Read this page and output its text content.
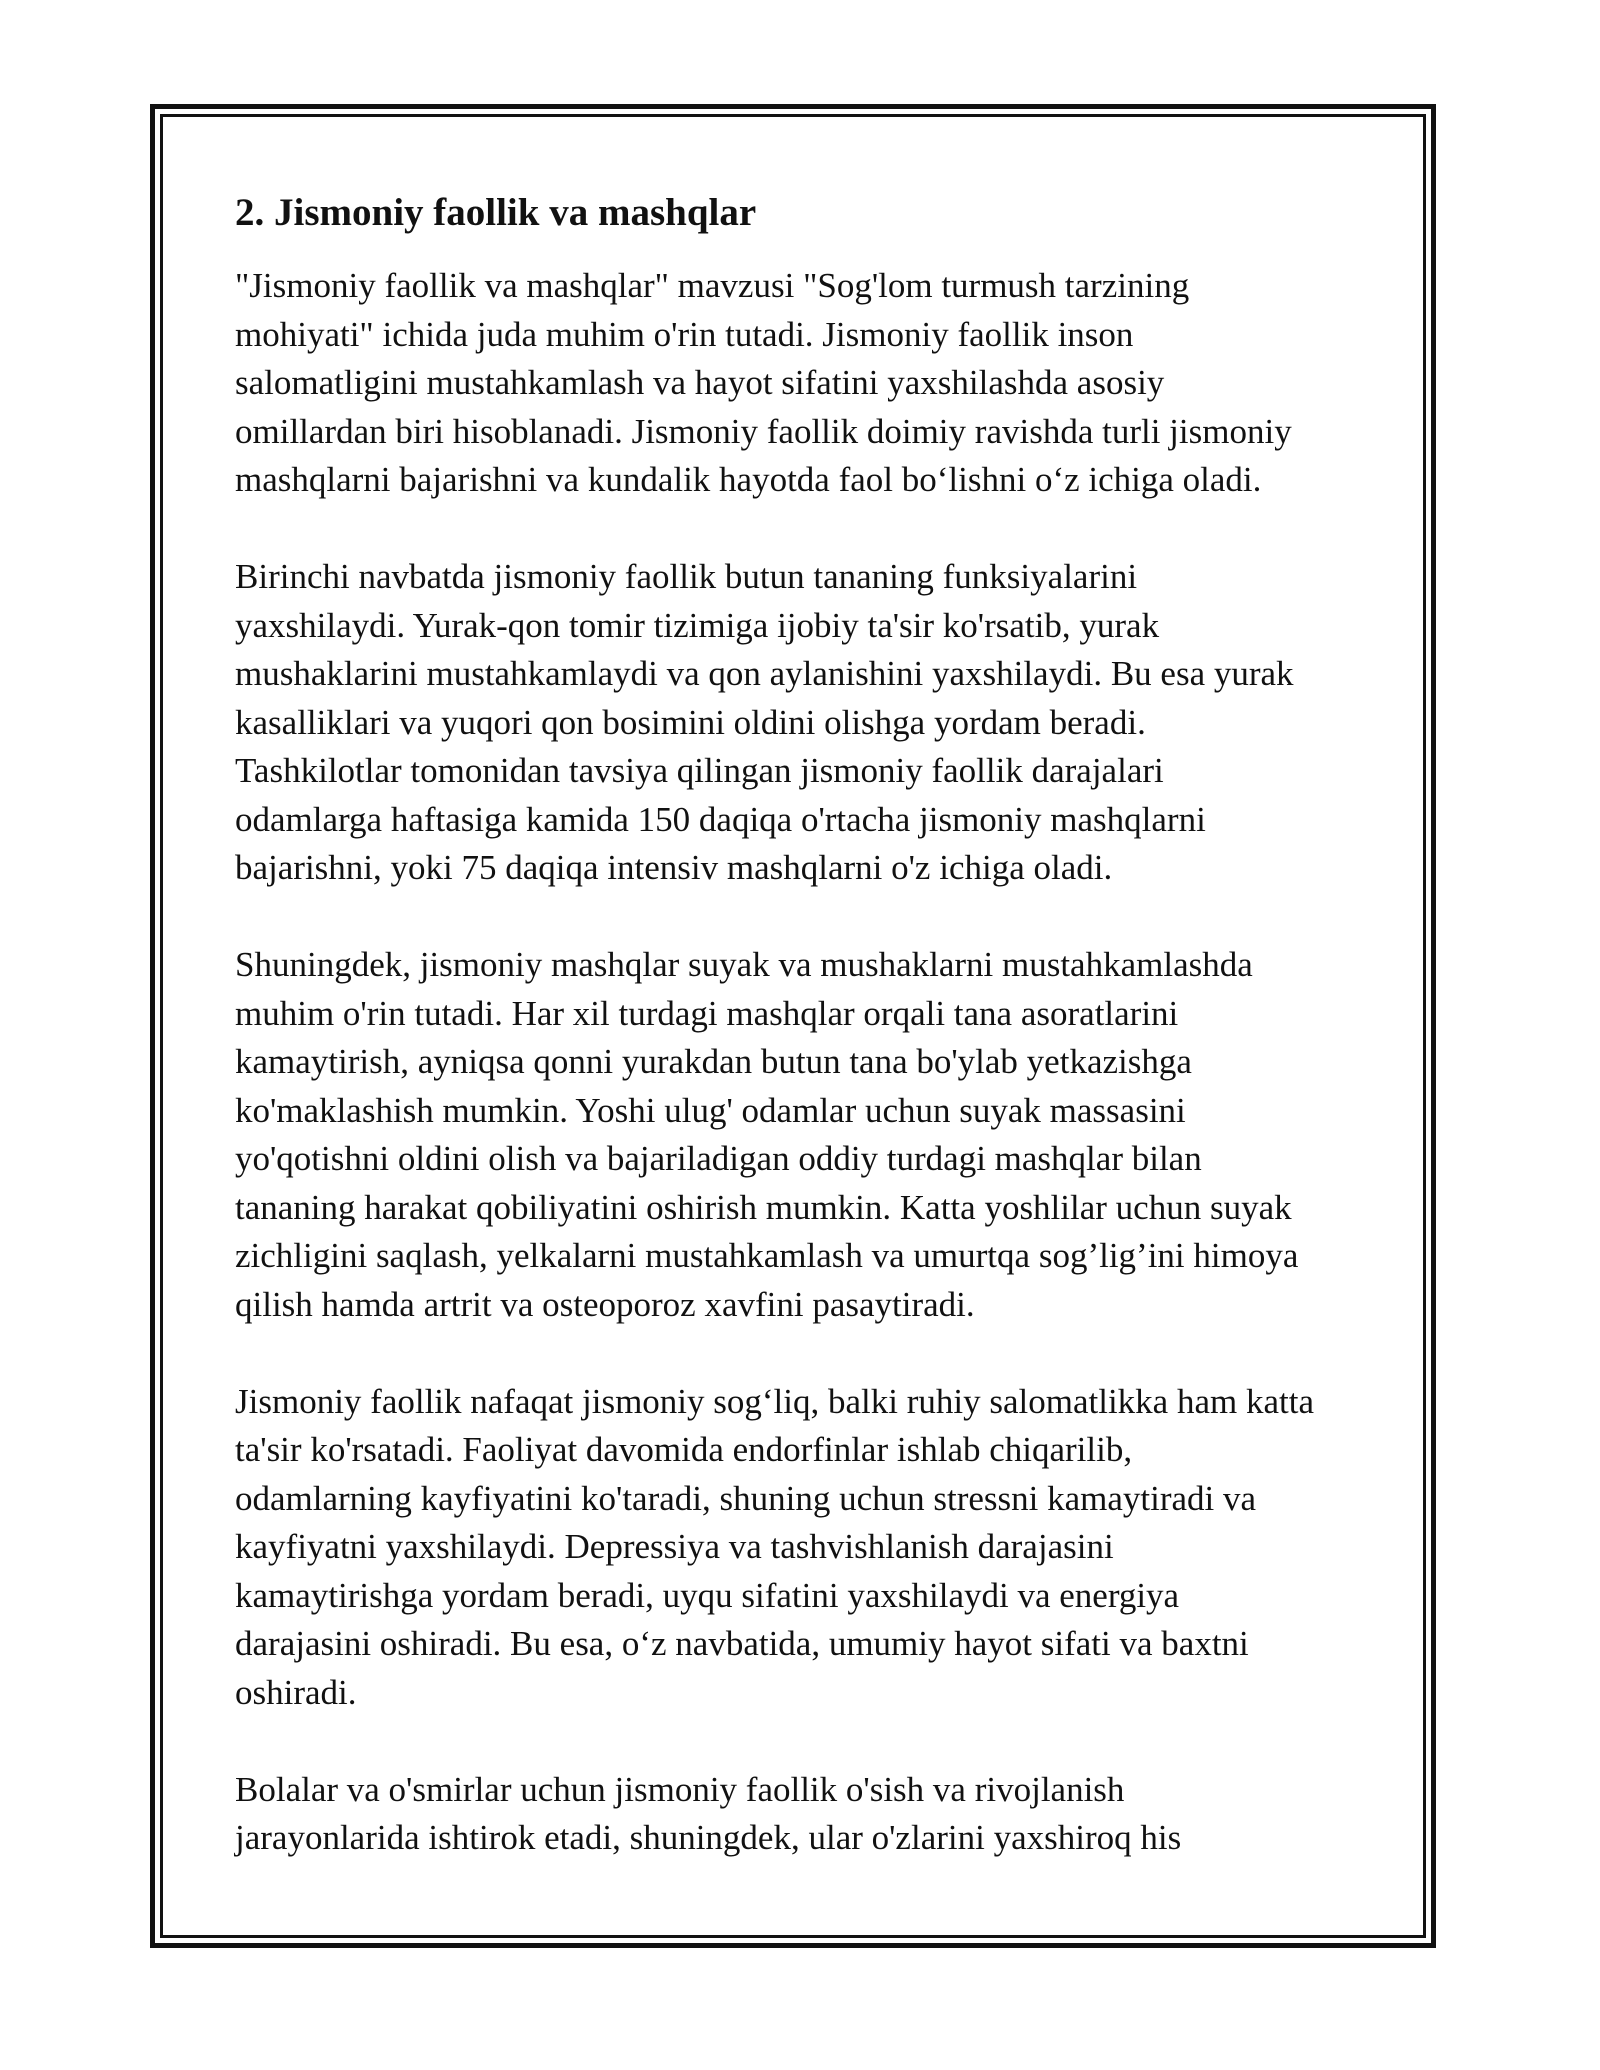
2. Jismoniy faollik va mashqlar

"Jismoniy faollik va mashqlar" mavzusi "Sog'lom turmush tarzining
mohiyati" ichida juda muhim o'rin tutadi. Jismoniy faollik inson
salomatligini mustahkamlash va hayot sifatini yaxshilashda asosiy
omillardan biri hisoblanadi. Jismoniy faollik doimiy ravishda turli jismoniy
mashqlarni bajarishni va kundalik hayotda faol boʻlishni oʻz ichiga oladi.

Birinchi navbatda jismoniy faollik butun tananing funksiyalarini
yaxshilaydi. Yurak-qon tomir tizimiga ijobiy ta'sir ko'rsatib, yurak
mushaklarini mustahkamlaydi va qon aylanishini yaxshilaydi. Bu esa yurak
kasalliklari va yuqori qon bosimini oldini olishga yordam beradi.
Tashkilotlar tomonidan tavsiya qilingan jismoniy faollik darajalari
odamlarga haftasiga kamida 150 daqiqa o'rtacha jismoniy mashqlarni
bajarishni, yoki 75 daqiqa intensiv mashqlarni o'z ichiga oladi.

Shuningdek, jismoniy mashqlar suyak va mushaklarni mustahkamlashda
muhim o'rin tutadi. Har xil turdagi mashqlar orqali tana asoratlarini
kamaytirish, ayniqsa qonni yurakdan butun tana bo'ylab yetkazishga
ko'maklashish mumkin. Yoshi ulug' odamlar uchun suyak massasini
yo'qotishni oldini olish va bajariladigan oddiy turdagi mashqlar bilan
tananing harakat qobiliyatini oshirish mumkin. Katta yoshlilar uchun suyak
zichligini saqlash, yelkalarni mustahkamlash va umurtqa sog’lig’ini himoya
qilish hamda artrit va osteoporoz xavfini pasaytiradi.

Jismoniy faollik nafaqat jismoniy sogʻliq, balki ruhiy salomatlikka ham katta
ta'sir ko'rsatadi. Faoliyat davomida endorfinlar ishlab chiqarilib,
odamlarning kayfiyatini ko'taradi, shuning uchun stressni kamaytiradi va
kayfiyatni yaxshilaydi. Depressiya va tashvishlanish darajasini
kamaytirishga yordam beradi, uyqu sifatini yaxshilaydi va energiya
darajasini oshiradi. Bu esa, oʻz navbatida, umumiy hayot sifati va baxtni
oshiradi.

Bolalar va o'smirlar uchun jismoniy faollik o'sish va rivojlanish
jarayonlarida ishtirok etadi, shuningdek, ular o'zlarini yaxshiroq his
